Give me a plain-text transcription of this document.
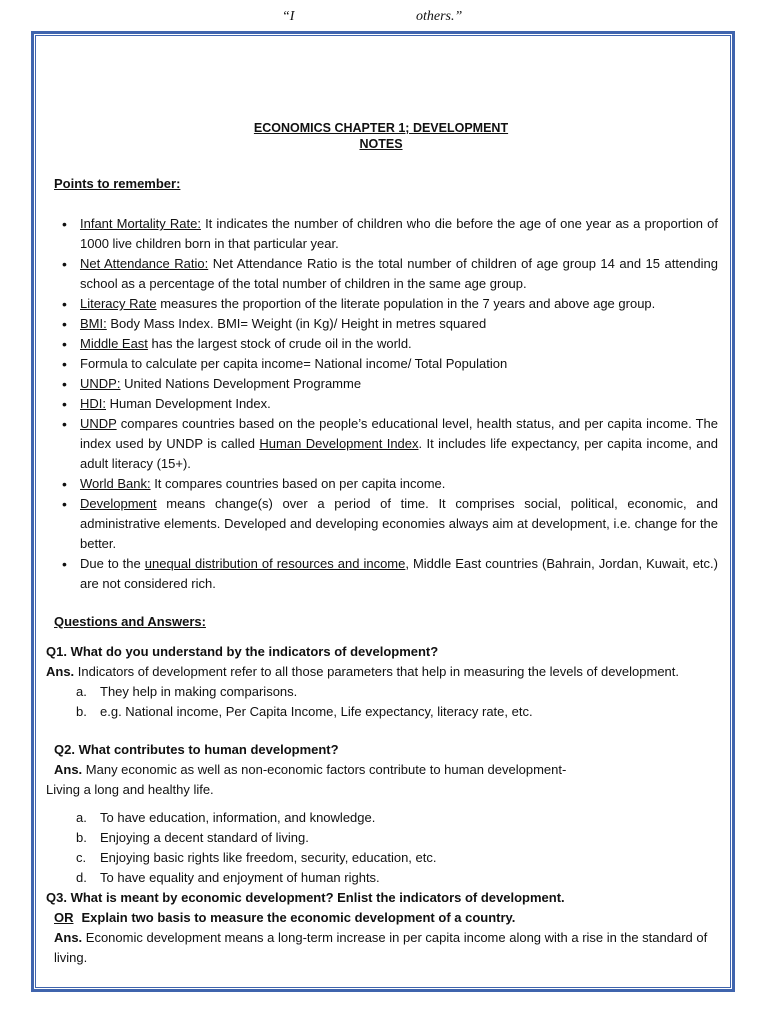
“I	others.”
ECONOMICS CHAPTER 1; DEVELOPMENT
NOTES
Points to remember:
• Infant Mortality Rate: It indicates the number of children who die before the age of one year as a proportion of 1000 live children born in that particular year.
• Net Attendance Ratio: Net Attendance Ratio is the total number of children of age group 14 and 15 attending school as a percentage of the total number of children in the same age group.
• Literacy Rate measures the proportion of the literate population in the 7 years and above age group.
• BMI: Body Mass Index. BMI= Weight (in Kg)/ Height in metres squared
• Middle East has the largest stock of crude oil in the world.
• Formula to calculate per capita income= National income/ Total Population
• UNDP: United Nations Development Programme
• HDI: Human Development Index.
• UNDP compares countries based on the people’s educational level, health status, and per capita income. The index used by UNDP is called Human Development Index. It includes life expectancy, per capita income, and adult literacy (15+).
• World Bank: It compares countries based on per capita income.
• Development means change(s) over a period of time. It comprises social, political, economic, and administrative elements. Developed and developing economies always aim at development, i.e. change for the better.
• Due to the unequal distribution of resources and income, Middle East countries (Bahrain, Jordan, Kuwait, etc.) are not considered rich.
Questions and Answers:
Q1. What do you understand by the indicators of development?
Ans. Indicators of development refer to all those parameters that help in measuring the levels of development.
a. They help in making comparisons.
b. e.g. National income, Per Capita Income, Life expectancy, literacy rate, etc.
Q2. What contributes to human development?
Ans. Many economic as well as non-economic factors contribute to human development-
Living a long and healthy life.
a. To have education, information, and knowledge.
b. Enjoying a decent standard of living.
c. Enjoying basic rights like freedom, security, education, etc.
d. To have equality and enjoyment of human rights.
Q3. What is meant by economic development? Enlist the indicators of development.
OR Explain two basis to measure the economic development of a country.
Ans. Economic development means a long-term increase in per capita income along with a rise in the standard of living.
